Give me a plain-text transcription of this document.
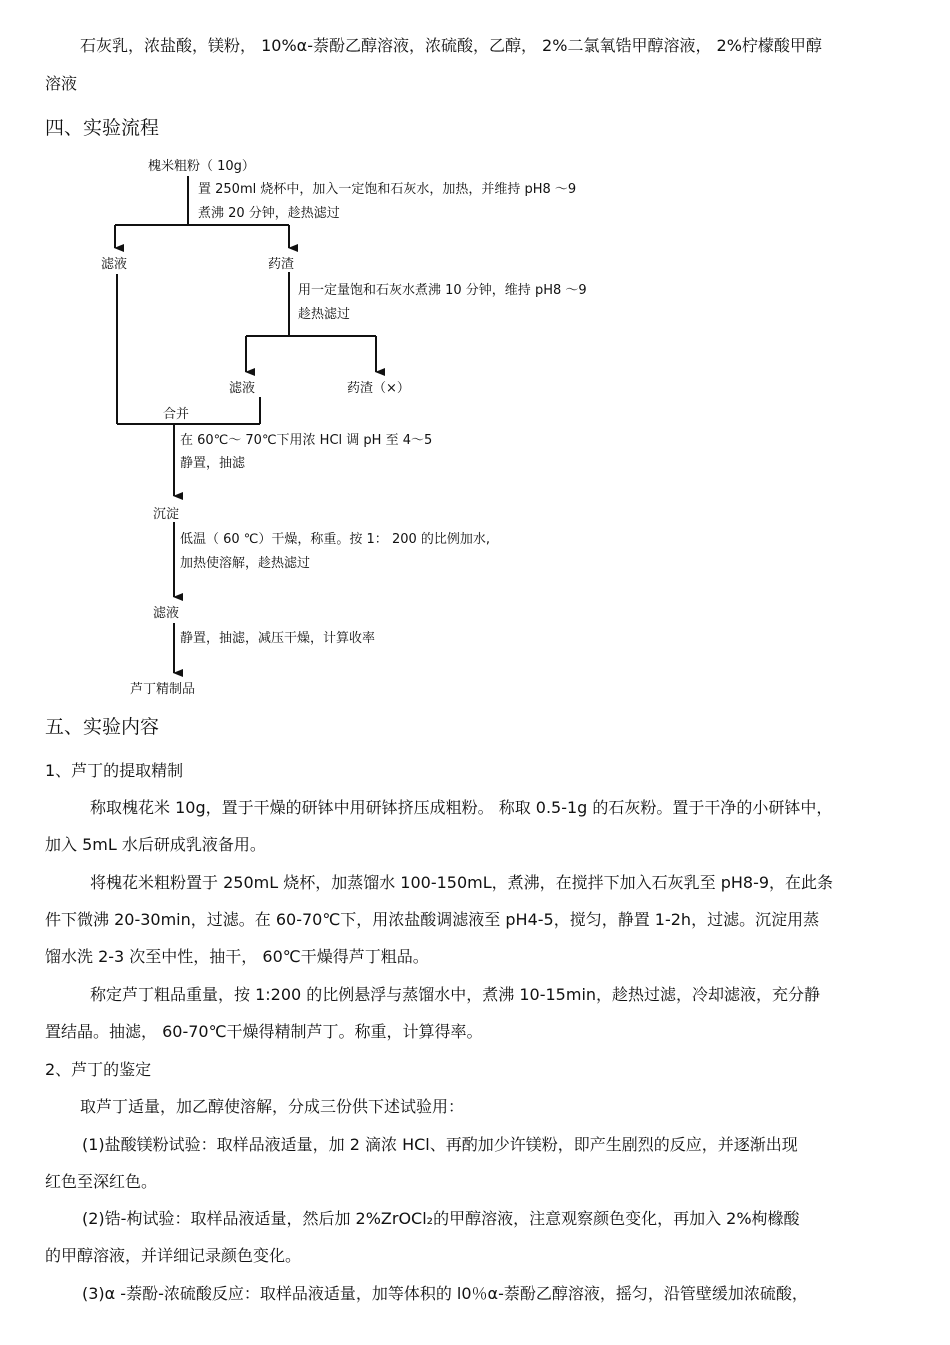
石灰乳，浓盐酸，镁粉， 10%α-萘酚乙醇溶液，浓硫酸，乙醇， 2%二氯氧锆甲醇溶液， 2%柠檬酸甲醇
溶液
四、实验流程
槐米粗粉（ 10g）
置 250ml 烧杯中，加入一定饱和石灰水，加热，并维持 pH8 ～9
煮沸 20 分钟，趁热滤过
滤液	药渣
用一定量饱和石灰水煮沸 10 分钟，维持 pH8 ～9
趁热滤过
滤液	药渣（×）
合并
在 60℃～ 70℃下用浓 HCl 调 pH 至 4～5
静置，抽滤
沉淀
低温（ 60 ℃）干燥，称重。按 1： 200 的比例加水,
加热使溶解，趁热滤过
滤液
静置，抽滤，减压干燥，计算收率
芦丁精制品
五、实验内容
1、芦丁的提取精制
称取槐花米 10g，置于干燥的研钵中用研钵挤压成粗粉。 称取 0.5-1g 的石灰粉。置于干净的小研钵中，
加入 5mL 水后研成乳液备用。
将槐花米粗粉置于 250mL 烧杯，加蒸馏水 100-150mL，煮沸，在搅拌下加入石灰乳至 pH8-9，在此条
件下微沸 20-30min，过滤。在 60-70℃下，用浓盐酸调滤液至 pH4-5，搅匀，静置 1-2h，过滤。沉淀用蒸
馏水洗 2-3 次至中性，抽干， 60℃干燥得芦丁粗品。
称定芦丁粗品重量，按 1:200 的比例悬浮与蒸馏水中，煮沸 10-15min，趁热过滤，冷却滤液，充分静
置结晶。抽滤， 60-70℃干燥得精制芦丁。称重，计算得率。
2、芦丁的鉴定
取芦丁适量，加乙醇使溶解，分成三份供下述试验用：
(1)盐酸镁粉试验：取样品液适量，加 2 滴浓 HCl、再酌加少许镁粉，即产生剧烈的反应，并逐渐出现
红色至深红色。
(2)锆-枸试验：取样品液适量，然后加 2%ZrOCl₂的甲醇溶液，注意观察颜色变化，再加入 2%枸橼酸
的甲醇溶液，并详细记录颜色变化。
(3)α -萘酚-浓硫酸反应：取样品液适量，加等体积的 l0％α-萘酚乙醇溶液，摇匀，沿管壁缓加浓硫酸，
